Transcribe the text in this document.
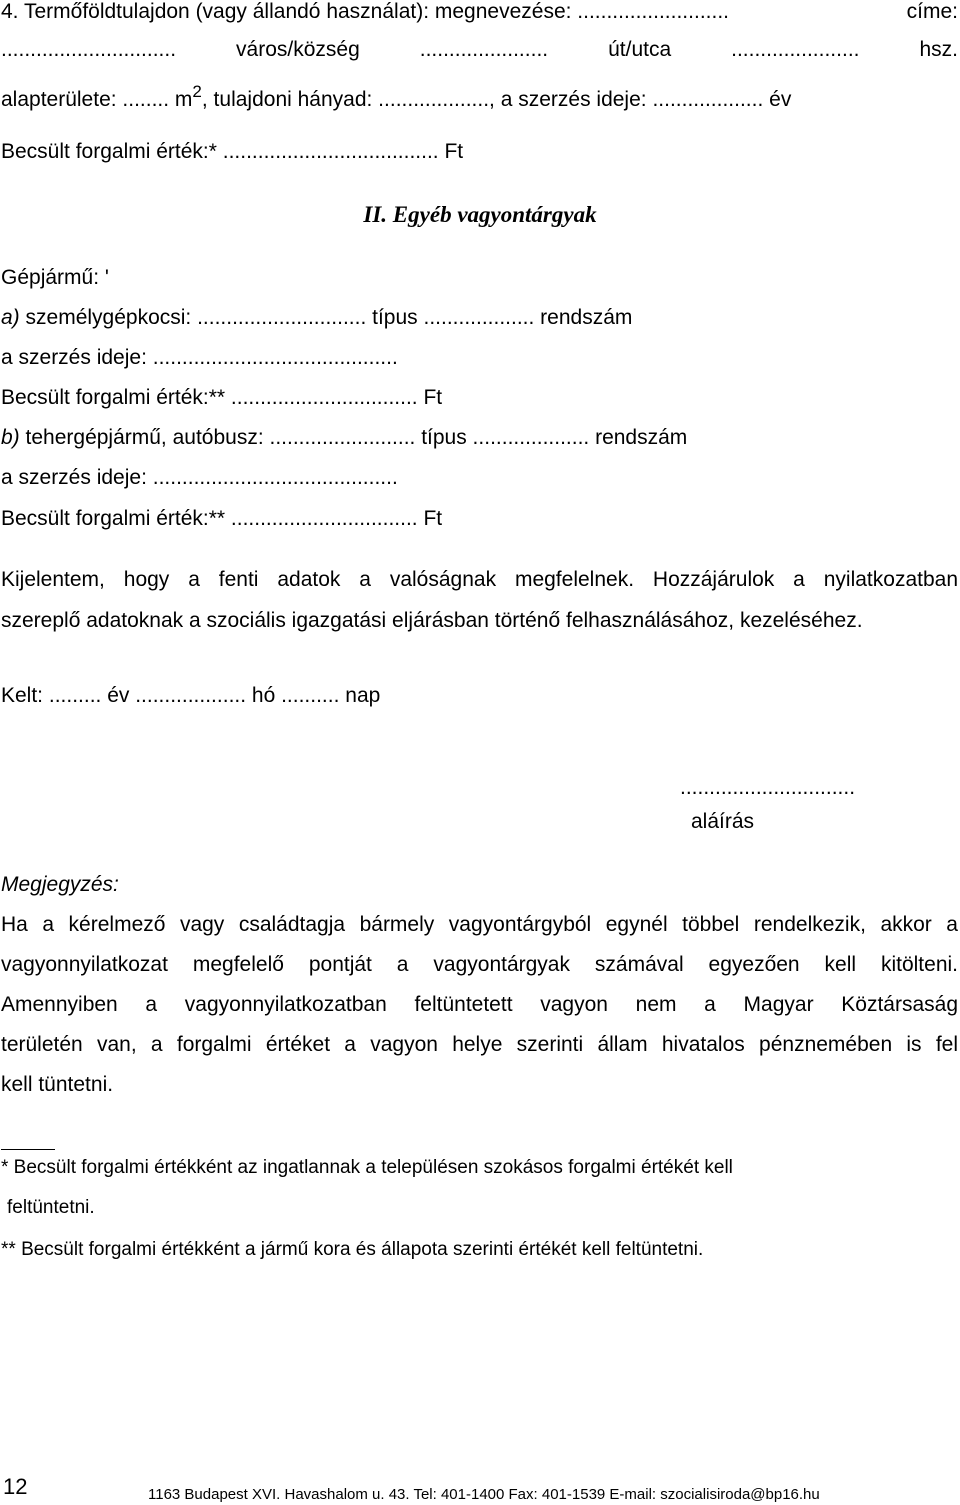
4. Termőföldtulajdon (vagy állandó használat): megnevezése: ..........................	címe:
..............................	város/község	......................	út/utca	......................	hsz.
alapterülete: ........ $m^2$, tulajdoni hányad: ..................., a szerzés ideje: ................... év
Becsült forgalmi érték:* ..................................... Ft
II. Egyéb vagyontárgyak
Gépjármű: '
a) személygépkocsi: ............................. típus ................... rendszám
a szerzés ideje: ..........................................
Becsült forgalmi érték:** ................................ Ft
b) tehergépjármű, autóbusz: ......................... típus .................... rendszám
a szerzés ideje: ..........................................
Becsült forgalmi érték:** ................................ Ft
Kijelentem, hogy a fenti adatok a valóságnak megfelelnek. Hozzájárulok a nyilatkozatban
szereplő adatoknak a szociális igazgatási eljárásban történő felhasználásához, kezeléséhez.
Kelt: ......... év ................... hó .......... nap
..............................
aláírás
Megjegyzés:
Ha a kérelmező vagy családtagja bármely vagyontárgyból egynél többel rendelkezik, akkor a
vagyonnyilatkozat megfelelő pontját a vagyontárgyak számával egyezően kell kitölteni.
Amennyiben a vagyonnyilatkozatban feltüntetett vagyon nem a Magyar Köztársaság
területén van, a forgalmi értéket a vagyon helye szerinti állam hivatalos pénznemében is fel
kell tüntetni.
* Becsült forgalmi értékként az ingatlannak a településen szokásos forgalmi értékét kell
feltüntetni.
** Becsült forgalmi értékként a jármű kora és állapota szerinti értékét kell feltüntetni.
12	1163 Budapest XVI. Havashalom u. 43. Tel: 401-1400 Fax: 401-1539 E-mail: szocialisiroda@bp16.hu
